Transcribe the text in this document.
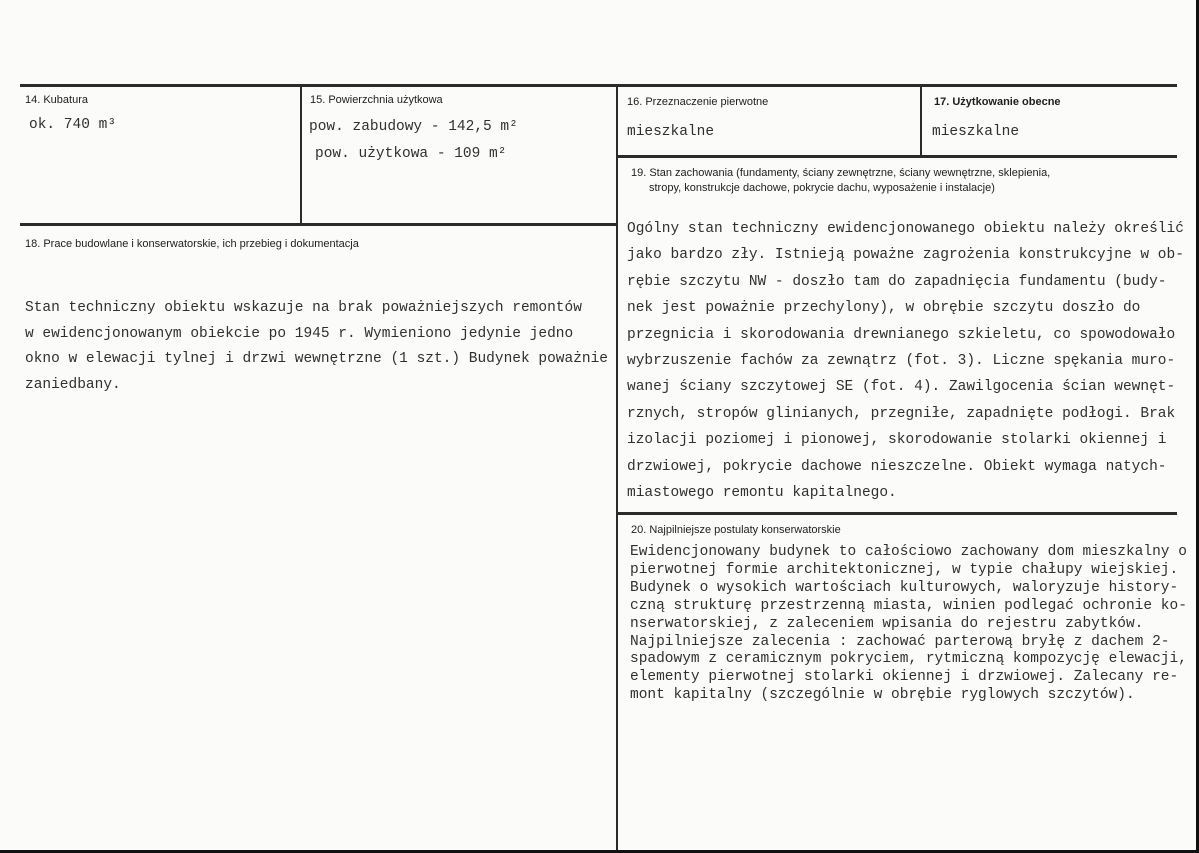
14. Kubatura
ok. 740 m³
15. Powierzchnia użytkowa
pow. zabudowy - 142,5 m²
pow. użytkowa - 109 m²
16. Przeznaczenie pierwotne
mieszkalne
17. Użytkowanie obecne
mieszkalne
18. Prace budowlane i konserwatorskie, ich przebieg i dokumentacja
Stan techniczny obiektu wskazuje na brak poważniejszych remontów
w ewidencjonowanym obiekcie po 1945 r. Wymieniono jedynie jedno
okno w elewacji tylnej i drzwi wewnętrzne (1 szt.) Budynek poważnie
zaniedbany.
19. Stan zachowania (fundamenty, ściany zewnętrzne, ściany wewnętrzne, sklepienia,
stropy, konstrukcje dachowe, pokrycie dachu, wyposażenie i instalacje)
Ogólny stan techniczny ewidencjonowanego obiektu należy określić
jako bardzo zły. Istnieją poważne zagrożenia konstrukcyjne w ob-
rębie szczytu NW - doszło tam do zapadnięcia fundamentu (budy-
nek jest poważnie przechylony), w obrębie szczytu doszło do
przegnicia i skorodowania drewnianego szkieletu, co spowodowało
wybrzuszenie fachów za zewnątrz (fot. 3). Liczne spękania muro-
wanej ściany szczytowej SE (fot. 4). Zawilgocenia ścian wewnęt-
rznych, stropów glinianych, przegniłe, zapadnięte podłogi. Brak
izolacji poziomej i pionowej, skorodowanie stolarki okiennej i
drzwiowej, pokrycie dachowe nieszczelne. Obiekt wymaga natych-
miastowego remontu kapitalnego.
20. Najpilniejsze postulaty konserwatorskie
Ewidencjonowany budynek to całościowo zachowany dom mieszkalny o
pierwotnej formie architektonicznej, w typie chałupy wiejskiej.
Budynek o wysokich wartościach kulturowych, waloryzuje history-
czną strukturę przestrzenną miasta, winien podlegać ochronie ko-
nserwatorskiej, z zaleceniem wpisania do rejestru zabytków.
Najpilniejsze zalecenia : zachować parterową bryłę z dachem 2-
spadowym z ceramicznym pokryciem, rytmiczną kompozycję elewacji,
elementy pierwotnej stolarki okiennej i drzwiowej. Zalecany re-
mont kapitalny (szczególnie w obrębie ryglowych szczytów).
